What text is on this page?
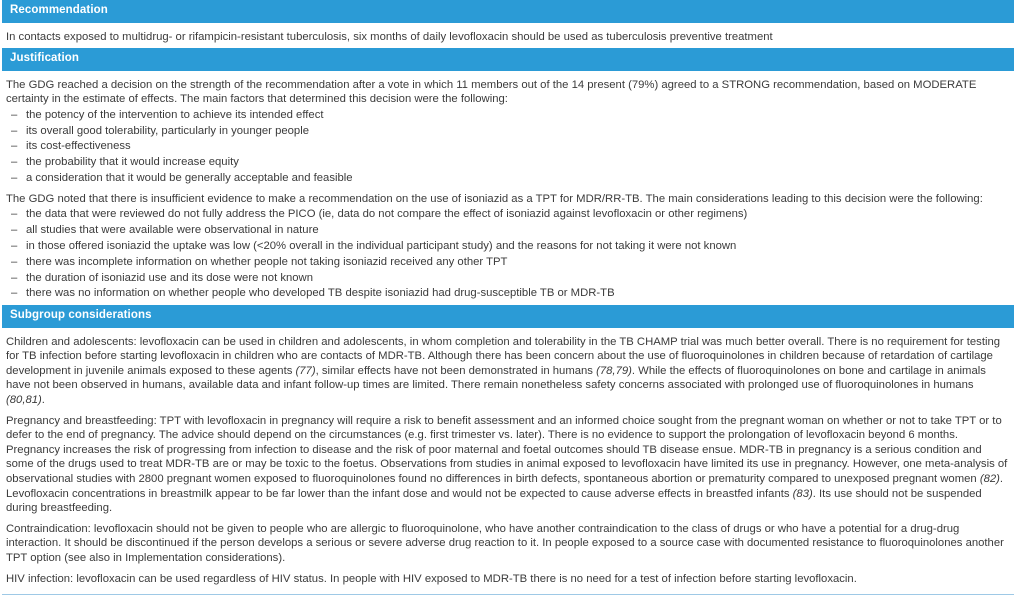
Recommendation

In contacts exposed to multidrug- or rifampicin-resistant tuberculosis, six months of daily levofloxacin should be used as tuberculosis preventive treatment

Justification

The GDG reached a decision on the strength of the recommendation after a vote in which 11 members out of the 14 present (79%) agreed to a STRONG recommendation, based on MODERATE certainty in the estimate of effects. The main factors that determined this decision were the following:

– the potency of the intervention to achieve its intended effect
– its overall good tolerability, particularly in younger people
– its cost-effectiveness
– the probability that it would increase equity
– a consideration that it would be generally acceptable and feasible

The GDG noted that there is insufficient evidence to make a recommendation on the use of isoniazid as a TPT for MDR/RR-TB. The main considerations leading to this decision were the following:

– the data that were reviewed do not fully address the PICO (ie, data do not compare the effect of isoniazid against levofloxacin or other regimens)
– all studies that were available were observational in nature
– in those offered isoniazid the uptake was low (<20% overall in the individual participant study) and the reasons for not taking it were not known
– there was incomplete information on whether people not taking isoniazid received any other TPT
– the duration of isoniazid use and its dose were not known
– there was no information on whether people who developed TB despite isoniazid had drug-susceptible TB or MDR-TB
Subgroup considerations

Children and adolescents: levofloxacin can be used in children and adolescents, in whom completion and tolerability in the TB CHAMP trial was much better overall. There is no requirement for testing for TB infection before starting levofloxacin in children who are contacts of MDR-TB. Although there has been concern about the use of fluoroquinolones in children because of retardation of cartilage development in juvenile animals exposed to these agents (77), similar effects have not been demonstrated in humans (78,79). While the effects of fluoroquinolones on bone and cartilage in animals have not been observed in humans, available data and infant follow-up times are limited. There remain nonetheless safety concerns associated with prolonged use of fluoroquinolones in humans (80,81).

Pregnancy and breastfeeding: TPT with levofloxacin in pregnancy will require a risk to benefit assessment and an informed choice sought from the pregnant woman on whether or not to take TPT or to defer to the end of pregnancy. The advice should depend on the circumstances (e.g. first trimester vs. later). There is no evidence to support the prolongation of levofloxacin beyond 6 months. Pregnancy increases the risk of progressing from infection to disease and the risk of poor maternal and foetal outcomes should TB disease ensue. MDR-TB in pregnancy is a serious condition and some of the drugs used to treat MDR-TB are or may be toxic to the foetus. Observations from studies in animal exposed to levofloxacin have limited its use in pregnancy. However, one meta-analysis of observational studies with 2800 pregnant women exposed to fluoroquinolones found no differences in birth defects, spontaneous abortion or prematurity compared to unexposed pregnant women (82). Levofloxacin concentrations in breastmilk appear to be far lower than the infant dose and would not be expected to cause adverse effects in breastfed infants (83). Its use should not be suspended during breastfeeding.

Contraindication: levofloxacin should not be given to people who are allergic to fluoroquinolone, who have another contraindication to the class of drugs or who have a potential for a drug-drug interaction. It should be discontinued if the person develops a serious or severe adverse drug reaction to it. In people exposed to a source case with documented resistance to fluoroquinolones another TPT option (see also in Implementation considerations).

HIV infection: levofloxacin can be used regardless of HIV status. In people with HIV exposed to MDR-TB there is no need for a test of infection before starting levofloxacin.
